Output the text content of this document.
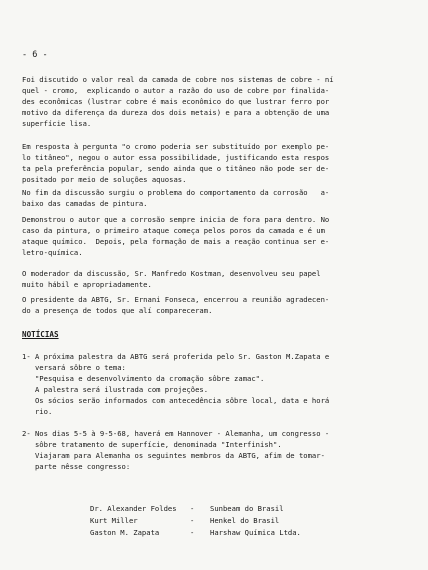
- 6 -
Foi discutido o valor real da camada de cobre nos sistemas de cobre - ní
quel - cromo,  explicando o autor a razão do uso de cobre por finalida-
des econômicas (lustrar cobre é mais econômico do que lustrar ferro por
motivo da diferença da dureza dos dois metais) e para a obtenção de uma
superfície lisa.
Em resposta à pergunta "o cromo poderia ser substituído por exemplo pe-
lo titâneo", negou o autor essa possibilidade, justificando esta respos
ta pela preferência popular, sendo ainda que o titâneo não pode ser de-
positado por meio de soluções aquosas.
No fim da discussão surgiu o problema do comportamento da corrosão   a-
baixo das camadas de pintura.
Demonstrou o autor que a corrosão sempre inicia de fora para dentro. No
caso da pintura, o primeiro ataque começa pelos poros da camada e é um
ataque químico.  Depois, pela formação de mais a reação continua ser e-
letro-química.
O moderador da discussão, Sr. Manfredo Kostman, desenvolveu seu papel
muito hábil e apropriadamente.
O presidente da ABTG, Sr. Ernani Fonseca, encerrou a reunião agradecen-
do a presença de todos que alí compareceram.
NOTÍCIAS
1- A próxima palestra da ABTG será proferida pelo Sr. Gaston M.Zapata e
versará sôbre o tema:
"Pesquisa e desenvolvimento da cromação sôbre zamac".
A palestra será ilustrada com projeções.
Os sócios serão informados com antecedência sôbre local, data e horá
rio.
2- Nos dias 5-5 à 9-5-68, haverá em Hannover - Alemanha, um congresso -
sôbre tratamento de superfície, denominada "Interfinish".
Viajaram para Alemanha os seguintes membros da ABTG, afim de tomar-
parte nêsse congresso:
Dr. Alexander Foldes	-	Sunbeam do Brasil
Kurt Miller	-	Henkel do Brasil
Gaston M. Zapata	-	Harshaw Química Ltda.
